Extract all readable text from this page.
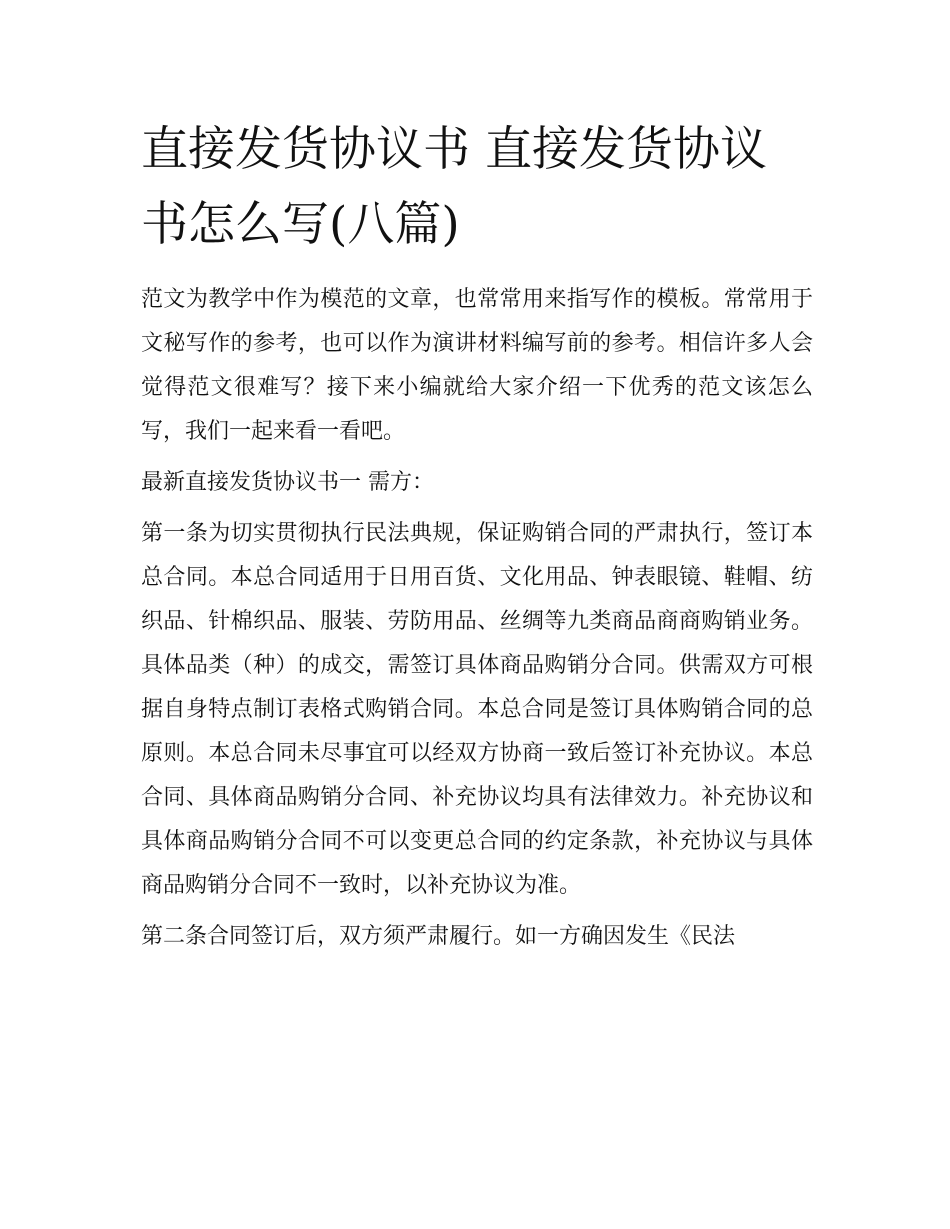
直接发货协议书 直接发货协议书怎么写(八篇)

范文为教学中作为模范的文章，也常常用来指写作的模板。常常用于文秘写作的参考，也可以作为演讲材料编写前的参考。相信许多人会觉得范文很难写？接下来小编就给大家介绍一下优秀的范文该怎么写，我们一起来看一看吧。

最新直接发货协议书一 需方：

第一条为切实贯彻执行民法典规，保证购销合同的严肃执行，签订本总合同。本总合同适用于日用百货、文化用品、钟表眼镜、鞋帽、纺织品、针棉织品、服装、劳防用品、丝绸等九类商品商商购销业务。具体品类（种）的成交，需签订具体商品购销分合同。供需双方可根据自身特点制订表格式购销合同。本总合同是签订具体购销合同的总原则。本总合同未尽事宜可以经双方协商一致后签订补充协议。本总合同、具体商品购销分合同、补充协议均具有法律效力。补充协议和具体商品购销分合同不可以变更总合同的约定条款，补充协议与具体商品购销分合同不一致时，以补充协议为准。

第二条合同签订后，双方须严肃履行。如一方确因发生《民法
